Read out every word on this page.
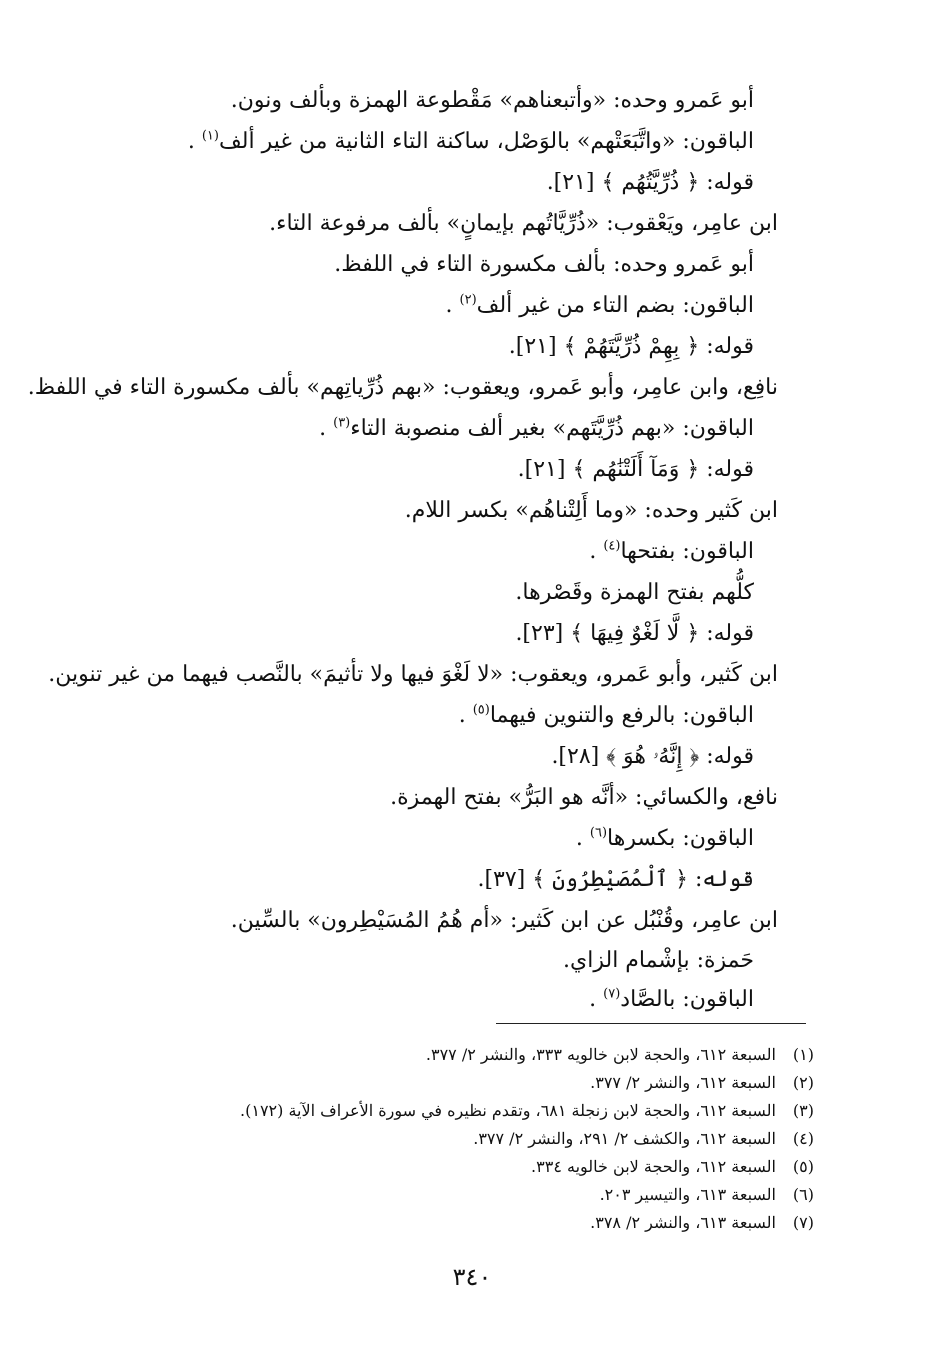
أبو عَمرو وحده: «وأتبعناهم» مَقْطوعة الهمزة وبألف ونون.
الباقون: «واتَّبَعَتْهم» بالوَصْل، ساكنة التاء الثانية من غير ألف$^{(١)}$ .
قوله: ﴿ ذُرِّيَّتُهُم ﴾ [٢١].
ابن عامِر، ويَعْقوب: «ذُرِّيَّاتُهم بإيمانٍ» بألف مرفوعة التاء.
أبو عَمرو وحده: بألف مكسورة التاء في اللفظ.
الباقون: بضم التاء من غير ألف$^{(٢)}$ .
قوله: ﴿ بِهِمْ ذُرِّيَّتَهُمْ ﴾ [٢١].
نافِع، وابن عامِر، وأبو عَمرو، ويعقوب: «بهم ذُرِّياتِهم» بألف مكسورة التاء في اللفظ.
الباقون: «بهم ذُرِّيَّتَهم» بغير ألف منصوبة التاء$^{(٣)}$ .
قوله: ﴿ وَمَآ أَلَتْنَٰهُم ﴾ [٢١].
ابن كَثير وحده: «وما أَلِتْناهُم» بكسر اللام.
الباقون: بفتحها$^{(٤)}$ .
كلُّهم بفتح الهمزة وقَصْرها.
قوله: ﴿ لَّا لَغْوٌ فِيهَا ﴾ [٢٣].
ابن كَثير، وأبو عَمرو، ويعقوب: «لا لَغْوَ فيها ولا تأثيمَ» بالنَّصب فيهما من غير تنوين.
الباقون: بالرفع والتنوين فيهما$^{(٥)}$ .
قوله: ﴿ إِنَّهُۥ هُوَ ﴾ [٢٨].
نافع، والكسائي: «أنَّه هو البَرُّ» بفتح الهمزة.
الباقون: بكسرها$^{(٦)}$ .
قوله: ﴿ ٱلْمُصَيْطِرُونَ ﴾ [٣٧].
ابن عامِر، وقُنْبُل عن ابن كَثير: «أم هُمُ المُسَيْطِرون» بالسِّين.
حَمزة: بإشْمام الزاي.
الباقون: بالصَّاد$^{(٧)}$ .
(١)السبعة ٦١٢، والحجة لابن خالويه ٣٣٣، والنشر ٢/ ٣٧٧.
(٢)السبعة ٦١٢، والنشر ٢/ ٣٧٧.
(٣)السبعة ٦١٢، والحجة لابن زنجلة ٦٨١، وتقدم نظيره في سورة الأعراف الآية (١٧٢).
(٤)السبعة ٦١٢، والكشف ٢/ ٢٩١، والنشر ٢/ ٣٧٧.
(٥)السبعة ٦١٢، والحجة لابن خالويه ٣٣٤.
(٦)السبعة ٦١٣، والتيسير ٢٠٣.
(٧)السبعة ٦١٣، والنشر ٢/ ٣٧٨.
٣٤٠
